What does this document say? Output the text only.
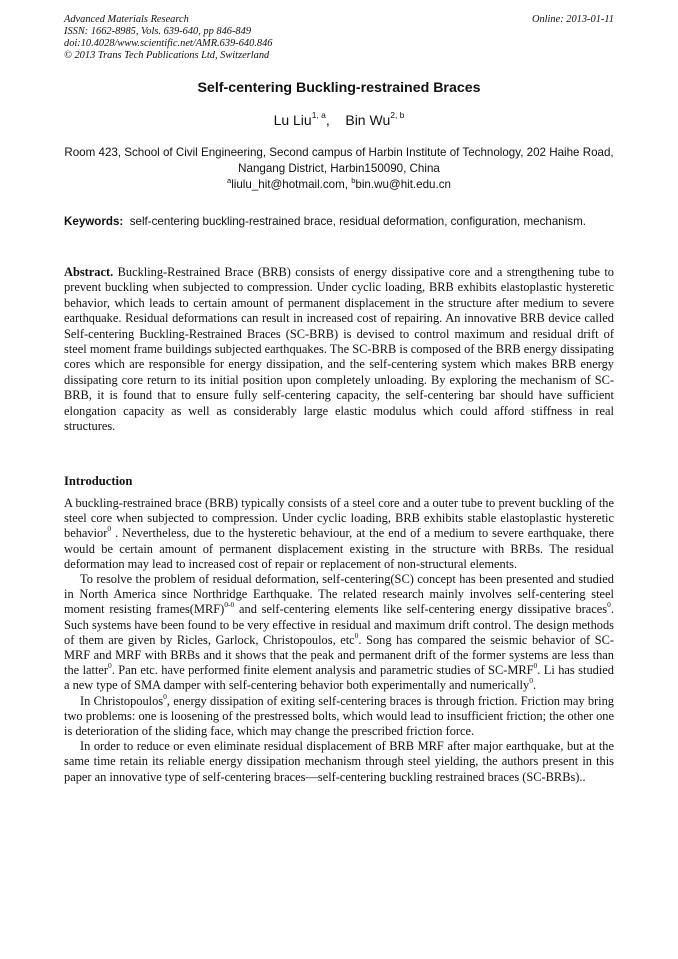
Advanced Materials Research
ISSN: 1662-8985, Vols. 639-640, pp 846-849
doi:10.4028/www.scientific.net/AMR.639-640.846
© 2013 Trans Tech Publications Ltd, Switzerland
Online: 2013-01-11
Self-centering Buckling-restrained Braces
Lu Liu$^{1, a}$, Bin Wu$^{2, b}$
Room 423, School of Civil Engineering, Second campus of Harbin Institute of Technology, 202 Haihe Road, Nangang District, Harbin150090, China
$^a$liulu_hit@hotmail.com, $^b$bin.wu@hit.edu.cn
Keywords: self-centering buckling-restrained brace, residual deformation, configuration, mechanism.
Abstract. Buckling-Restrained Brace (BRB) consists of energy dissipative core and a strengthening tube to prevent buckling when subjected to compression. Under cyclic loading, BRB exhibits elastoplastic hysteretic behavior, which leads to certain amount of permanent displacement in the structure after medium to severe earthquake. Residual deformations can result in increased cost of repairing. An innovative BRB device called Self-centering Buckling-Restrained Braces (SC-BRB) is devised to control maximum and residual drift of steel moment frame buildings subjected earthquakes. The SC-BRB is composed of the BRB energy dissipating cores which are responsible for energy dissipation, and the self-centering system which makes BRB energy dissipating core return to its initial position upon completely unloading. By exploring the mechanism of SC-BRB, it is found that to ensure fully self-centering capacity, the self-centering bar should have sufficient elongation capacity as well as considerably large elastic modulus which could afford stiffness in real structures.
Introduction

A buckling-restrained brace (BRB) typically consists of a steel core and a outer tube to prevent buckling of the steel core when subjected to compression. Under cyclic loading, BRB exhibits stable elastoplastic hysteretic behavior$^0$ . Nevertheless, due to the hysteretic behaviour, at the end of a medium to severe earthquake, there would be certain amount of permanent displacement existing in the structure with BRBs. The residual deformation may lead to increased cost of repair or replacement of non-structural elements.

To resolve the problem of residual deformation, self-centering(SC) concept has been presented and studied in North America since Northridge Earthquake. The related research mainly involves self-centering steel moment resisting frames(MRF)$^{0-0}$ and self-centering elements like self-centering energy dissipative braces$^0$. Such systems have been found to be very effective in residual and maximum drift control. The design methods of them are given by Ricles, Garlock, Christopoulos, etc$^0$. Song has compared the seismic behavior of SC-MRF and MRF with BRBs and it shows that the peak and permanent drift of the former systems are less than the latter$^0$. Pan etc. have performed finite element analysis and parametric studies of SC-MRF$^0$. Li has studied a new type of SMA damper with self-centering behavior both experimentally and numerically$^0$.

In Christopoulos$^0$, energy dissipation of exiting self-centering braces is through friction. Friction may bring two problems: one is loosening of the prestressed bolts, which would lead to insufficient friction; the other one is deterioration of the sliding face, which may change the prescribed friction force.

In order to reduce or even eliminate residual displacement of BRB MRF after major earthquake, but at the same time retain its reliable energy dissipation mechanism through steel yielding, the authors present in this paper an innovative type of self-centering braces—self-centering buckling restrained braces (SC-BRBs)..
